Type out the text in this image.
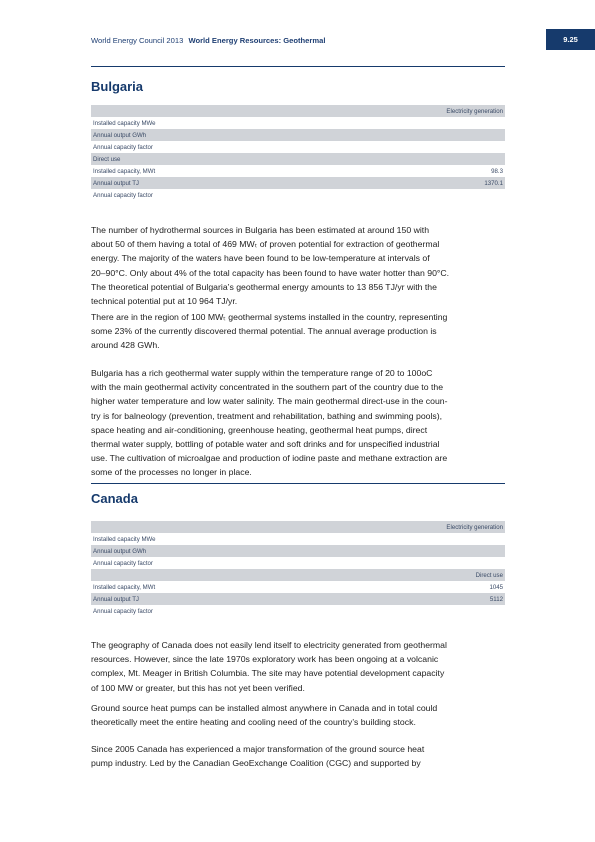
World Energy Council 2013 World Energy Resources: Geothermal	9.25
Bulgaria
Electricity generation
Installed capacity MWe
Annual output GWh
Annual capacity factor
Direct use
Installed capacity, MWt	98.3
Annual output TJ	1370.1
Annual capacity factor

The number of hydrothermal sources in Bulgaria has been estimated at around 150 with
about 50 of them having a total of 469 MWₜ of proven potential for extraction of geothermal
energy. The majority of the waters have been found to be low-temperature at intervals of
20–90°C. Only about 4% of the total capacity has been found to have water hotter than 90°C.
The theoretical potential of Bulgaria’s geothermal energy amounts to 13 856 TJ/yr with the
technical potential put at 10 964 TJ/yr.

There are in the region of 100 MWₜ geothermal systems installed in the country, representing
some 23% of the currently discovered thermal potential. The annual average production is
around 428 GWh.

Bulgaria has a rich geothermal water supply within the temperature range of 20 to 100oC
with the main geothermal activity concentrated in the southern part of the country due to the
higher water temperature and low water salinity. The main geothermal direct-use in the coun-
try is for balneology (prevention, treatment and rehabilitation, bathing and swimming pools),
space heating and air-conditioning, greenhouse heating, geothermal heat pumps, direct
thermal water supply, bottling of potable water and soft drinks and for unspecified industrial
use. The cultivation of microalgae and production of iodine paste and methane extraction are
some of the processes no longer in place.

Canada
Electricity generation
Installed capacity MWe
Annual output GWh
Annual capacity factor
Direct use
Installed capacity, MWt	1045
Annual output TJ	5112
Annual capacity factor

The geography of Canada does not easily lend itself to electricity generated from geothermal
resources. However, since the late 1970s exploratory work has been ongoing at a volcanic
complex, Mt. Meager in British Columbia. The site may have potential development capacity
of 100 MW or greater, but this has not yet been verified.

Ground source heat pumps can be installed almost anywhere in Canada and in total could
theoretically meet the entire heating and cooling need of the country’s building stock.

Since 2005 Canada has experienced a major transformation of the ground source heat
pump industry. Led by the Canadian GeoExchange Coalition (CGC) and supported by
